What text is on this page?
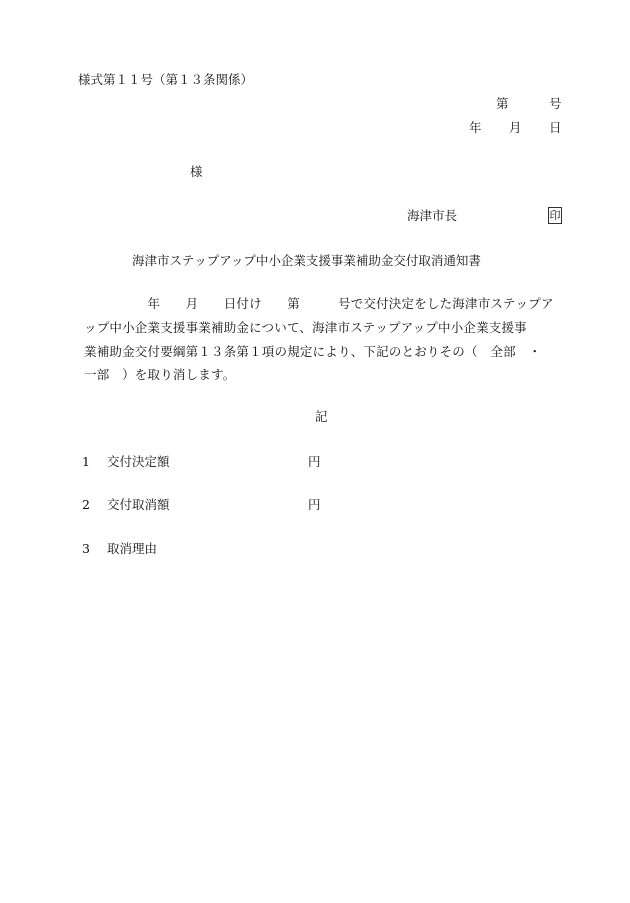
様式第１１号（第１３条関係）
第	号
年 月 日
様
海津市長	印
海津市ステップアップ中小企業支援事業補助金交付取消通知書
　　　　　年　　月　　日付け　　第　　　号で交付決定をした海津市ステップア
ップ中小企業支援事業補助金について、海津市ステップアップ中小企業支援事
業補助金交付要綱第１３条第１項の規定により、下記のとおりその（　全部　・
一部　）を取り消します。
記
1 交付決定額	円
2 交付取消額	円
3 取消理由
